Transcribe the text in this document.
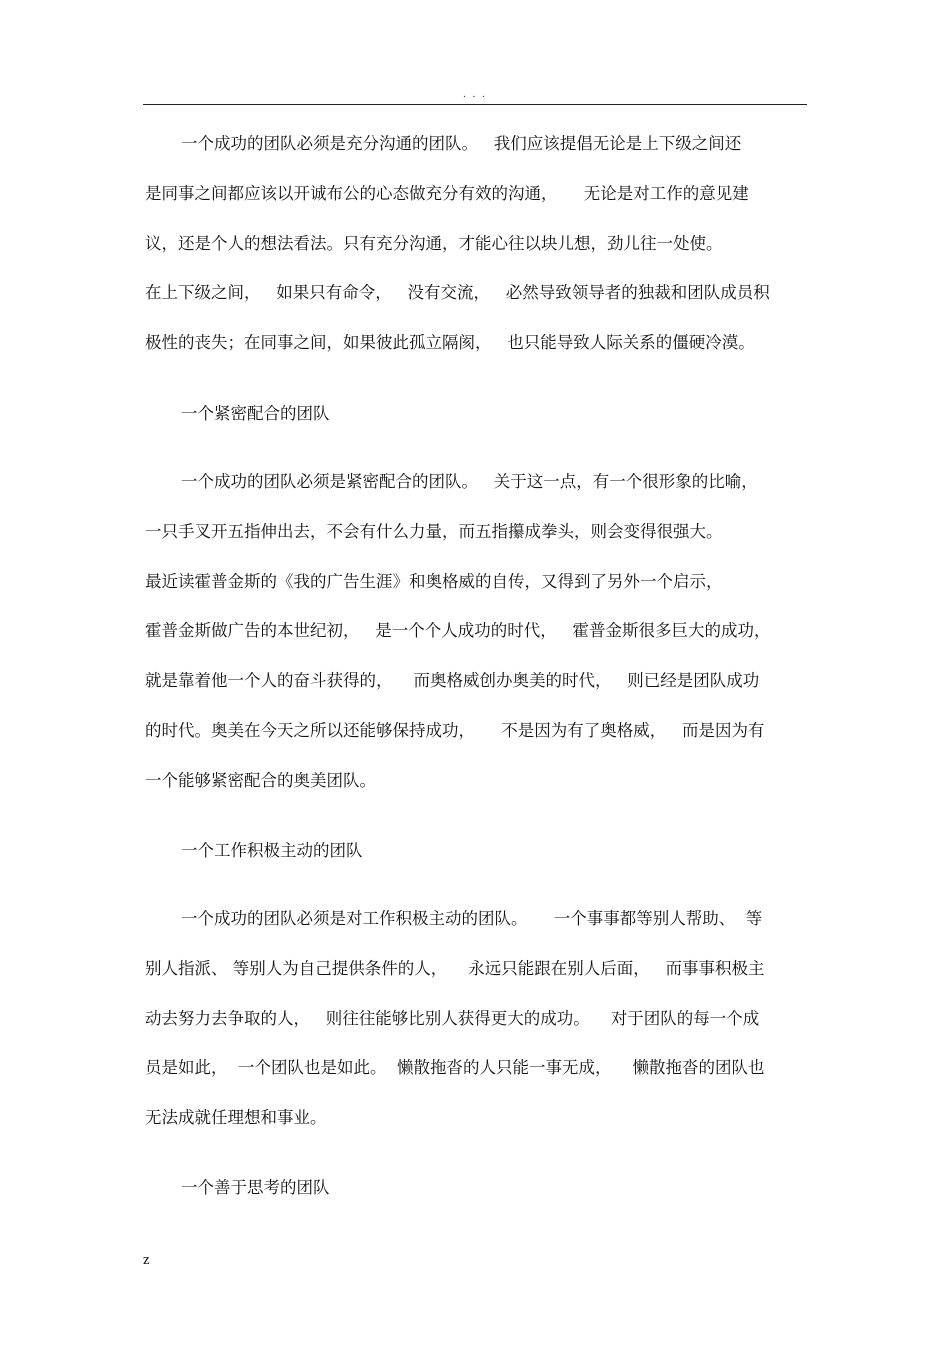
. . .
一个成功的团队必须是充分沟通的团队。   我们应该提倡无论是上下级之间还
是同事之间都应该以开诚布公的心态做充分有效的沟通，     无论是对工作的意见建
议，还是个人的想法看法。只有充分沟通，才能心往以块儿想，劲儿往一处使。
在上下级之间，   如果只有命令，   没有交流，   必然导致领导者的独裁和团队成员积
极性的丧失；在同事之间，如果彼此孤立隔阂，   也只能导致人际关系的僵硬冷漠。
一个紧密配合的团队
一个成功的团队必须是紧密配合的团队。   关于这一点，有一个很形象的比喻，
一只手叉开五指伸出去，不会有什么力量，而五指攥成拳头，则会变得很强大。
最近读霍普金斯的《我的广告生涯》和奥格威的自传，又得到了另外一个启示，
霍普金斯做广告的本世纪初，   是一个个人成功的时代，   霍普金斯很多巨大的成功，
就是靠着他一个人的奋斗获得的，    而奥格威创办奥美的时代，   则已经是团队成功
的时代。奥美在今天之所以还能够保持成功，     不是因为有了奥格威，   而是因为有
一个能够紧密配合的奥美团队。
一个工作积极主动的团队
一个成功的团队必须是对工作积极主动的团队。     一个事事都等别人帮助、  等
别人指派、 等别人为自己提供条件的人，    永远只能跟在别人后面，   而事事积极主
动去努力去争取的人，   则往往能够比别人获得更大的成功。    对于团队的每一个成
员是如此，  一个团队也是如此。  懒散拖沓的人只能一事无成，    懒散拖沓的团队也
无法成就任理想和事业。
一个善于思考的团队
z
